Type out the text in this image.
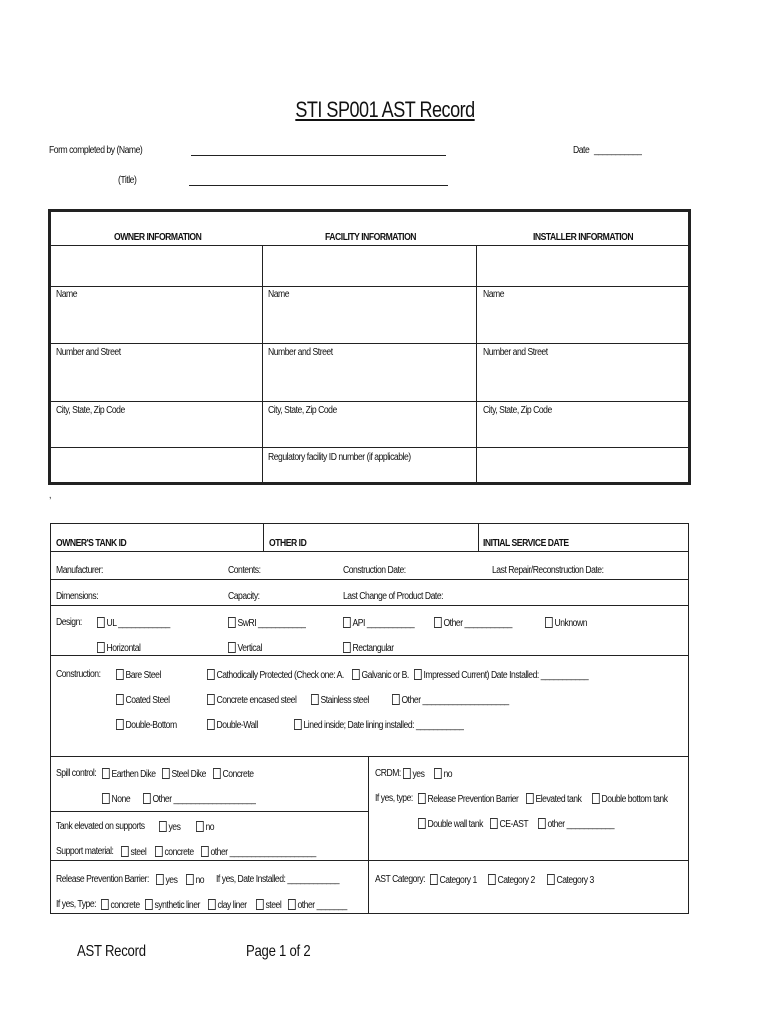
STI SP001 AST Record
Form completed by (Name)	Date ___________
(Title)
OWNER INFORMATION	FACILITY INFORMATION	INSTALLER INFORMATION
Name	Name	Name
Number and Street	Number and Street	Number and Street
City, State, Zip Code	City, State, Zip Code	City, State, Zip Code
Regulatory facility ID number (if applicable)
,
OWNER'S TANK ID	OTHER ID	INITIAL SERVICE DATE
Manufacturer:	Contents:	Construction Date:	Last Repair/Reconstruction Date:
Dimensions:	Capacity:	Last Change of Product Date:
Design:	UL ____________	SwRI ___________	API ___________	Other ___________	Unknown
Horizontal	Vertical	Rectangular
Construction:	Bare Steel	Cathodically Protected (Check one: A.	Galvanic or B.	Impressed Current) Date Installed: ___________
Coated Steel	Concrete encased steel	Stainless steel	Other ____________________
Double-Bottom	Double-Wall	Lined inside; Date lining installed: ___________
Spill control:	Earthen Dike	Steel Dike	Concrete
None	Other ___________________
CRDM:	yes	no
If yes, type:	Release Prevention Barrier	Elevated tank	Double bottom tank
Double wall tank	CE-AST	other ___________
Tank elevated on supports	yes	no
Support material:	steel	concrete	other ____________________
Release Prevention Barrier:	yes	no If yes, Date Installed: ____________
If yes, Type:	concrete	synthetic liner	clay liner	steel	other _______
AST Category:	Category 1	Category 2	Category 3
AST Record	Page 1 of 2
